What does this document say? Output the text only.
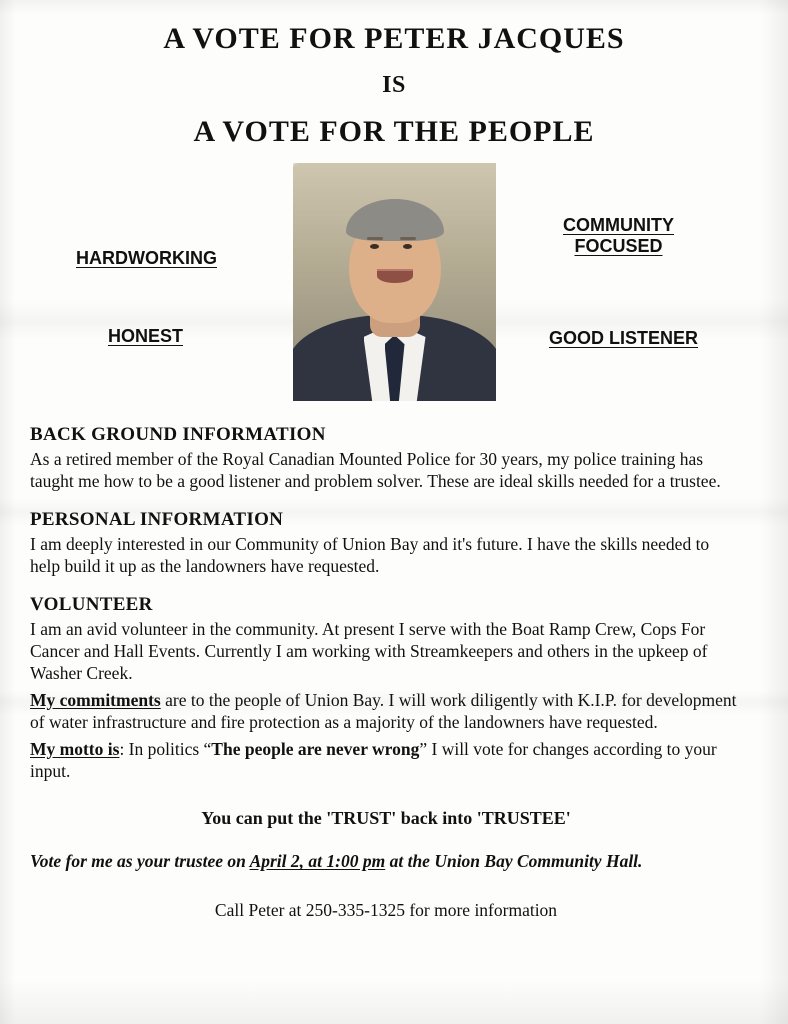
A VOTE FOR PETER JACQUES
IS
A VOTE FOR THE PEOPLE
HARDWORKING
HONEST
COMMUNITY
FOCUSED
GOOD LISTENER
BACK GROUND INFORMATION
As a retired member of the Royal Canadian Mounted Police for 30 years, my police training has taught me how to be a good listener and problem solver. These are ideal skills needed for a trustee.
PERSONAL INFORMATION
I am deeply interested in our Community of Union Bay and it's future. I have the skills needed to help build it up as the landowners have requested.
VOLUNTEER
I am an avid volunteer in the community. At present I serve with the Boat Ramp Crew, Cops For Cancer and Hall Events. Currently I am working with Streamkeepers and others in the upkeep of Washer Creek.
My commitments are to the people of Union Bay. I will work diligently with K.I.P. for development of water infrastructure and fire protection as a majority of the landowners have requested.
My motto is: In politics “The people are never wrong” I will vote for changes according to your input.
You can put the 'TRUST' back into 'TRUSTEE'
Vote for me as your trustee on April 2, at 1:00 pm at the Union Bay Community Hall.
Call Peter at 250-335-1325 for more information
